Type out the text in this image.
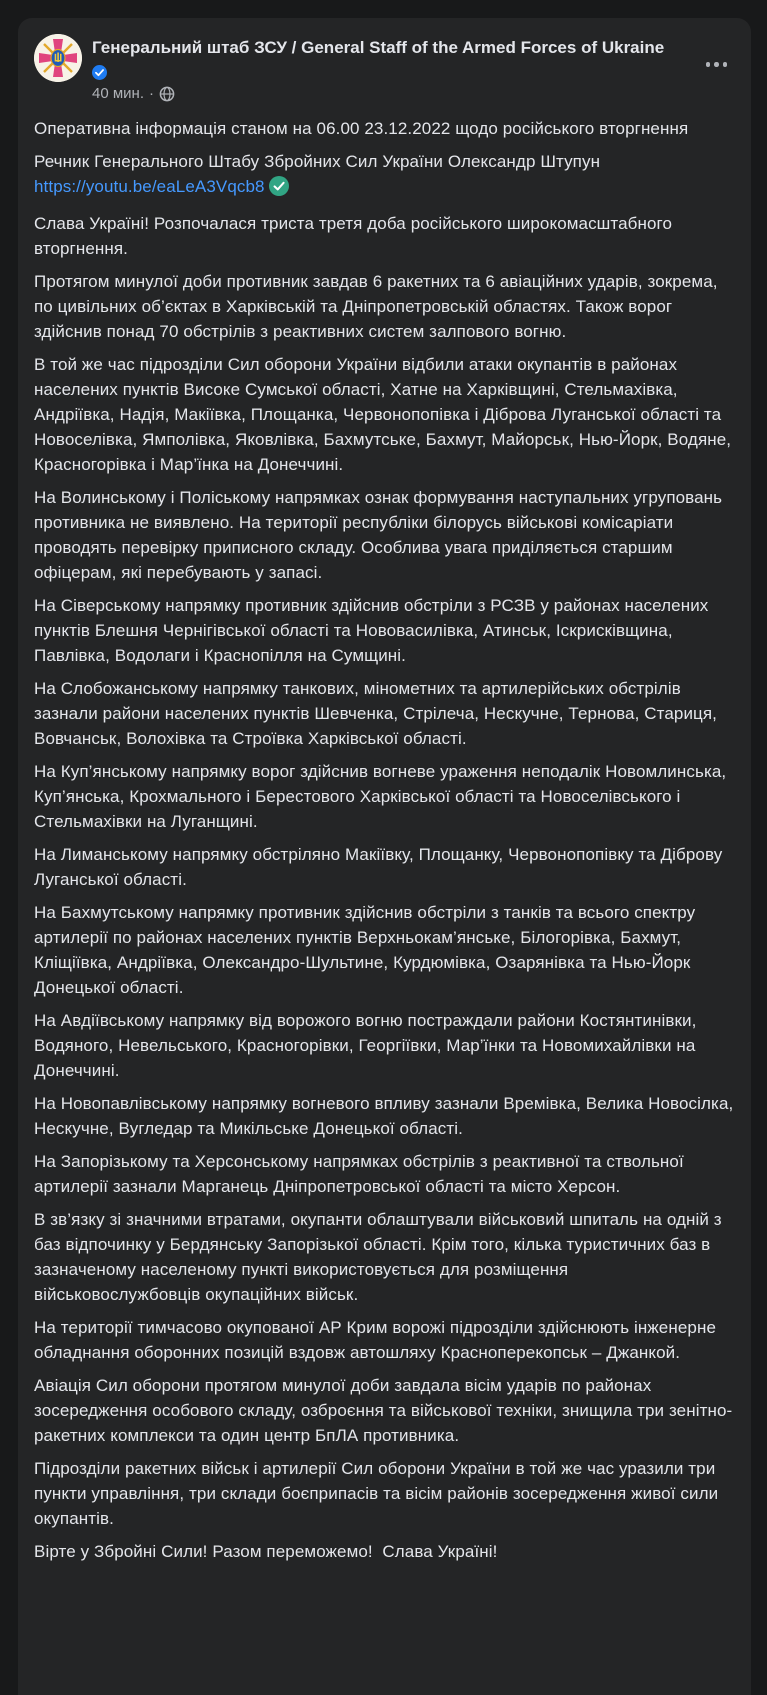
Генеральний штаб ЗСУ / General Staff of the Armed Forces of Ukraine
40 мин. ·

Оперативна інформація станом на 06.00 23.12.2022 щодо російського вторгнення

Речник Генерального Штабу Збройних Сил України Олександр Штупун
https://youtu.be/eaLeA3Vqcb8

Слава Україні! Розпочалася триста третя доба російського широкомасштабного вторгнення.

Протягом минулої доби противник завдав 6 ракетних та 6 авіаційних ударів, зокрема, по цивільних об’єктах в Харківській та Дніпропетровській областях. Також ворог здійснив понад 70 обстрілів з реактивних систем залпового вогню.

В той же час підрозділи Сил оборони України відбили атаки окупантів в районах населених пунктів Високе Сумської області, Хатне на Харківщині, Стельмахівка, Андріївка, Надія, Макіївка, Площанка, Червонопопівка і Діброва Луганської області та Новоселівка, Ямполівка, Яковлівка, Бахмутське, Бахмут, Майорськ, Нью-Йорк, Водяне, Красногорівка і Мар’їнка на Донеччині.

На Волинському і Поліському напрямках ознак формування наступальних угруповань противника не виявлено. На території республіки білорусь військові комісаріати проводять перевірку приписного складу. Особлива увага приділяється старшим офіцерам, які перебувають у запасі.

На Сіверському напрямку противник здійснив обстріли з РСЗВ у районах населених пунктів Блешня Чернігівської області та Нововасилівка, Атинськ, Іскрисківщина, Павлівка, Водолаги і Краснопілля на Сумщині.

На Слобожанському напрямку танкових, мінометних та артилерійських обстрілів зазнали райони населених пунктів Шевченка, Стрілеча, Нескучне, Тернова, Стариця, Вовчанськ, Волохівка та Строївка Харківської області.

На Куп’янському напрямку ворог здійснив вогневе ураження неподалік Новомлинська, Куп’янська, Крохмального і Берестового Харківської області та Новоселівського і Стельмахівки на Луганщині.

На Лиманському напрямку обстріляно Макіївку, Площанку, Червонопопівку та Діброву Луганської області.

На Бахмутському напрямку противник здійснив обстріли з танків та всього спектру артилерії по районах населених пунктів Верхньокам’янське, Білогорівка, Бахмут, Кліщіївка, Андріївка, Олександро-Шультине, Курдюмівка, Озарянівка та Нью-Йорк Донецької області.

На Авдіївському напрямку від ворожого вогню постраждали райони Костянтинівки, Водяного, Невельського, Красногорівки, Георгіївки, Мар’їнки та Новомихайлівки на Донеччині.

На Новопавлівському напрямку вогневого впливу зазнали Времівка, Велика Новосілка, Нескучне, Вугледар та Микільське Донецької області.

На Запорізькому та Херсонському напрямках обстрілів з реактивної та ствольної артилерії зазнали Марганець Дніпропетровської області та місто Херсон.

В зв’язку зі значними втратами, окупанти облаштували військовий шпиталь на одній з баз відпочинку у Бердянську Запорізької області. Крім того, кілька туристичних баз в зазначеному населеному пункті використовується для розміщення військовослужбовців окупаційних військ.

На території тимчасово окупованої АР Крим ворожі підрозділи здійснюють інженерне обладнання оборонних позицій вздовж автошляху Красноперекопськ – Джанкой.

Авіація Сил оборони протягом минулої доби завдала вісім ударів по районах зосередження особового складу, озброєння та військової техніки, знищила три зенітно-ракетних комплекси та один центр БпЛА противника.

Підрозділи ракетних військ і артилерії Сил оборони України в той же час уразили три пункти управління, три склади боєприпасів та вісім районів зосередження живої сили окупантів.

Вірте у Збройні Сили! Разом переможемо!  Слава Україні!
